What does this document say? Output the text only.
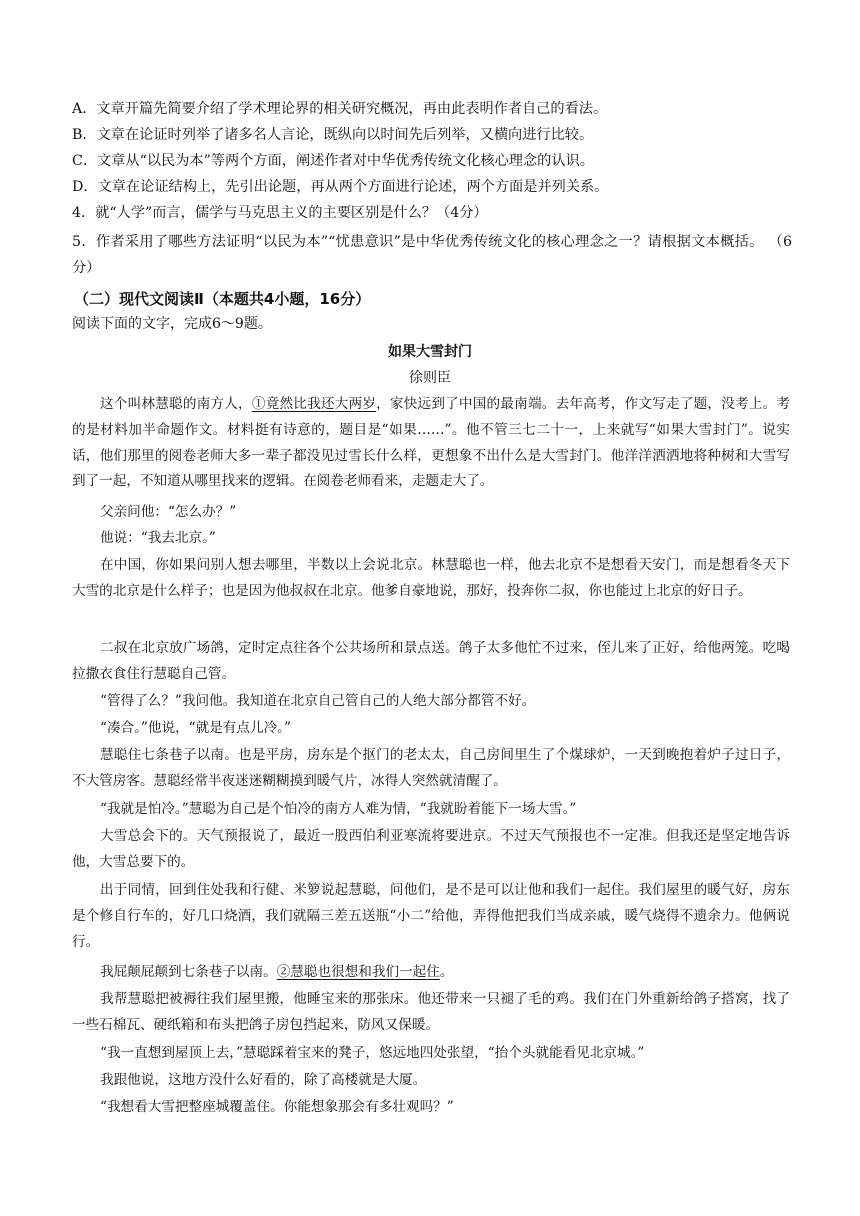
A．文章开篇先简要介绍了学术理论界的相关研究概况，再由此表明作者自己的看法。
B．文章在论证时列举了诸多名人言论，既纵向以时间先后列举，又横向进行比较。
C．文章从“以民为本”等两个方面，阐述作者对中华优秀传统文化核心理念的认识。
D．文章在论证结构上，先引出论题，再从两个方面进行论述，两个方面是并列关系。
4．就“人学”而言，儒学与马克思主义的主要区别是什么？（4分）
5．作者采用了哪些方法证明“以民为本”“忧患意识”是中华优秀传统文化的核心理念之一？请根据文本概括。 （6分）
（二）现代文阅读Ⅱ（本题共4小题，16分）
阅读下面的文字，完成6～9题。
如果大雪封门
徐则臣
这个叫林慧聪的南方人，①竟然比我还大两岁，家快远到了中国的最南端。去年高考，作文写走了题，没考上。考的是材料加半命题作文。材料挺有诗意的，题目是“如果……”。他不管三七二十一，上来就写“如果大雪封门”。说实话，他们那里的阅卷老师大多一辈子都没见过雪长什么样，更想象不出什么是大雪封门。他洋洋洒洒地将种树和大雪写到了一起，不知道从哪里找来的逻辑。在阅卷老师看来，走题走大了。
父亲问他：“怎么办？”
他说：“我去北京。”
在中国，你如果问别人想去哪里，半数以上会说北京。林慧聪也一样，他去北京不是想看天安门，而是想看冬天下大雪的北京是什么样子；也是因为他叔叔在北京。他爹自豪地说，那好，投奔你二叔，你也能过上北京的好日子。
二叔在北京放广场鸽，定时定点往各个公共场所和景点送。鸽子太多他忙不过来，侄儿来了正好，给他两笼。吃喝拉撒衣食住行慧聪自己管。
“管得了么？”我问他。我知道在北京自己管自己的人绝大部分都管不好。
“凑合。”他说，“就是有点儿冷。”
慧聪住七条巷子以南。也是平房，房东是个抠门的老太太，自己房间里生了个煤球炉，一天到晚抱着炉子过日子，不大管房客。慧聪经常半夜迷迷糊糊摸到暖气片，冰得人突然就清醒了。
“我就是怕冷。”慧聪为自己是个怕冷的南方人难为情，“我就盼着能下一场大雪。”
大雪总会下的。天气预报说了，最近一股西伯利亚寒流将要进京。不过天气预报也不一定准。但我还是坚定地告诉他，大雪总要下的。
出于同情，回到住处我和行健、米箩说起慧聪，问他们，是不是可以让他和我们一起住。我们屋里的暖气好，房东是个修自行车的，好几口烧酒，我们就隔三差五送瓶“小二”给他，弄得他把我们当成亲戚，暖气烧得不遗余力。他俩说行。
我屁颠屁颠到七条巷子以南。②慧聪也很想和我们一起住。
我帮慧聪把被褥往我们屋里搬，他睡宝来的那张床。他还带来一只褪了毛的鸡。我们在门外重新给鸽子搭窝，找了一些石棉瓦、硬纸箱和布头把鸽子房包挡起来，防风又保暖。
“我一直想到屋顶上去，”慧聪踩着宝来的凳子，悠远地四处张望，“抬个头就能看见北京城。”
我跟他说，这地方没什么好看的，除了高楼就是大厦。
“我想看大雪把整座城覆盖住。你能想象那会有多壮观吗？”
